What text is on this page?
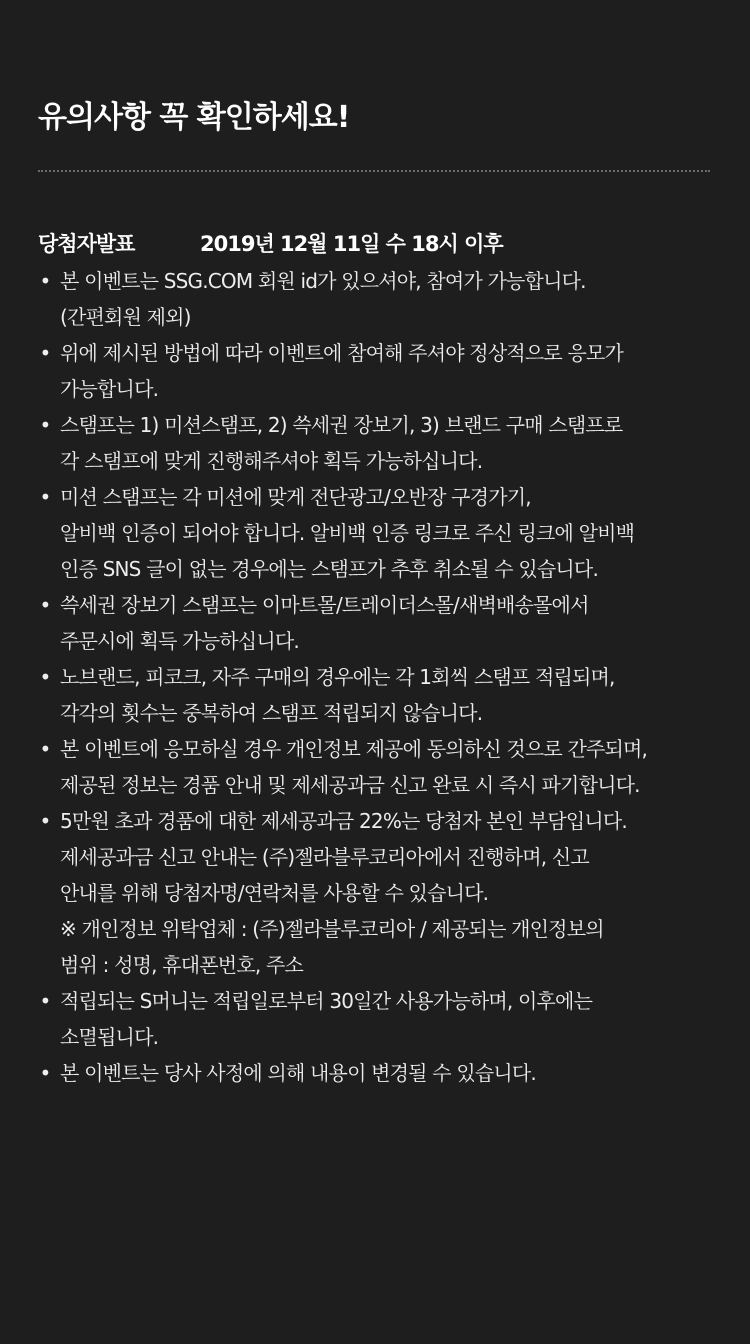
유의사항 꼭 확인하세요!
당첨자발표	2019년 12월 11일 수 18시 이후
• 본 이벤트는 SSG.COM 회원 id가 있으셔야, 참여가 가능합니다.
(간편회원 제외)
• 위에 제시된 방법에 따라 이벤트에 참여해 주셔야 정상적으로 응모가
가능합니다.
• 스탬프는 1) 미션스탬프, 2) 쓱세권 장보기, 3) 브랜드 구매 스탬프로
각 스탬프에 맞게 진행해주셔야 획득 가능하십니다.
• 미션 스탬프는 각 미션에 맞게 전단광고/오반장 구경가기,
알비백 인증이 되어야 합니다. 알비백 인증 링크로 주신 링크에 알비백
인증 SNS 글이 없는 경우에는 스탬프가 추후 취소될 수 있습니다.
• 쓱세권 장보기 스탬프는 이마트몰/트레이더스몰/새벽배송몰에서
주문시에 획득 가능하십니다.
• 노브랜드, 피코크, 자주 구매의 경우에는 각 1회씩 스탬프 적립되며,
각각의 횟수는 중복하여 스탬프 적립되지 않습니다.
• 본 이벤트에 응모하실 경우 개인정보 제공에 동의하신 것으로 간주되며,
제공된 정보는 경품 안내 및 제세공과금 신고 완료 시 즉시 파기합니다.
• 5만원 초과 경품에 대한 제세공과금 22%는 당첨자 본인 부담입니다.
제세공과금 신고 안내는 (주)젤라블루코리아에서 진행하며, 신고
안내를 위해 당첨자명/연락처를 사용할 수 있습니다.
※ 개인정보 위탁업체 : (주)젤라블루코리아 / 제공되는 개인정보의
범위 : 성명, 휴대폰번호, 주소
• 적립되는 S머니는 적립일로부터 30일간 사용가능하며, 이후에는
소멸됩니다.
• 본 이벤트는 당사 사정에 의해 내용이 변경될 수 있습니다.
